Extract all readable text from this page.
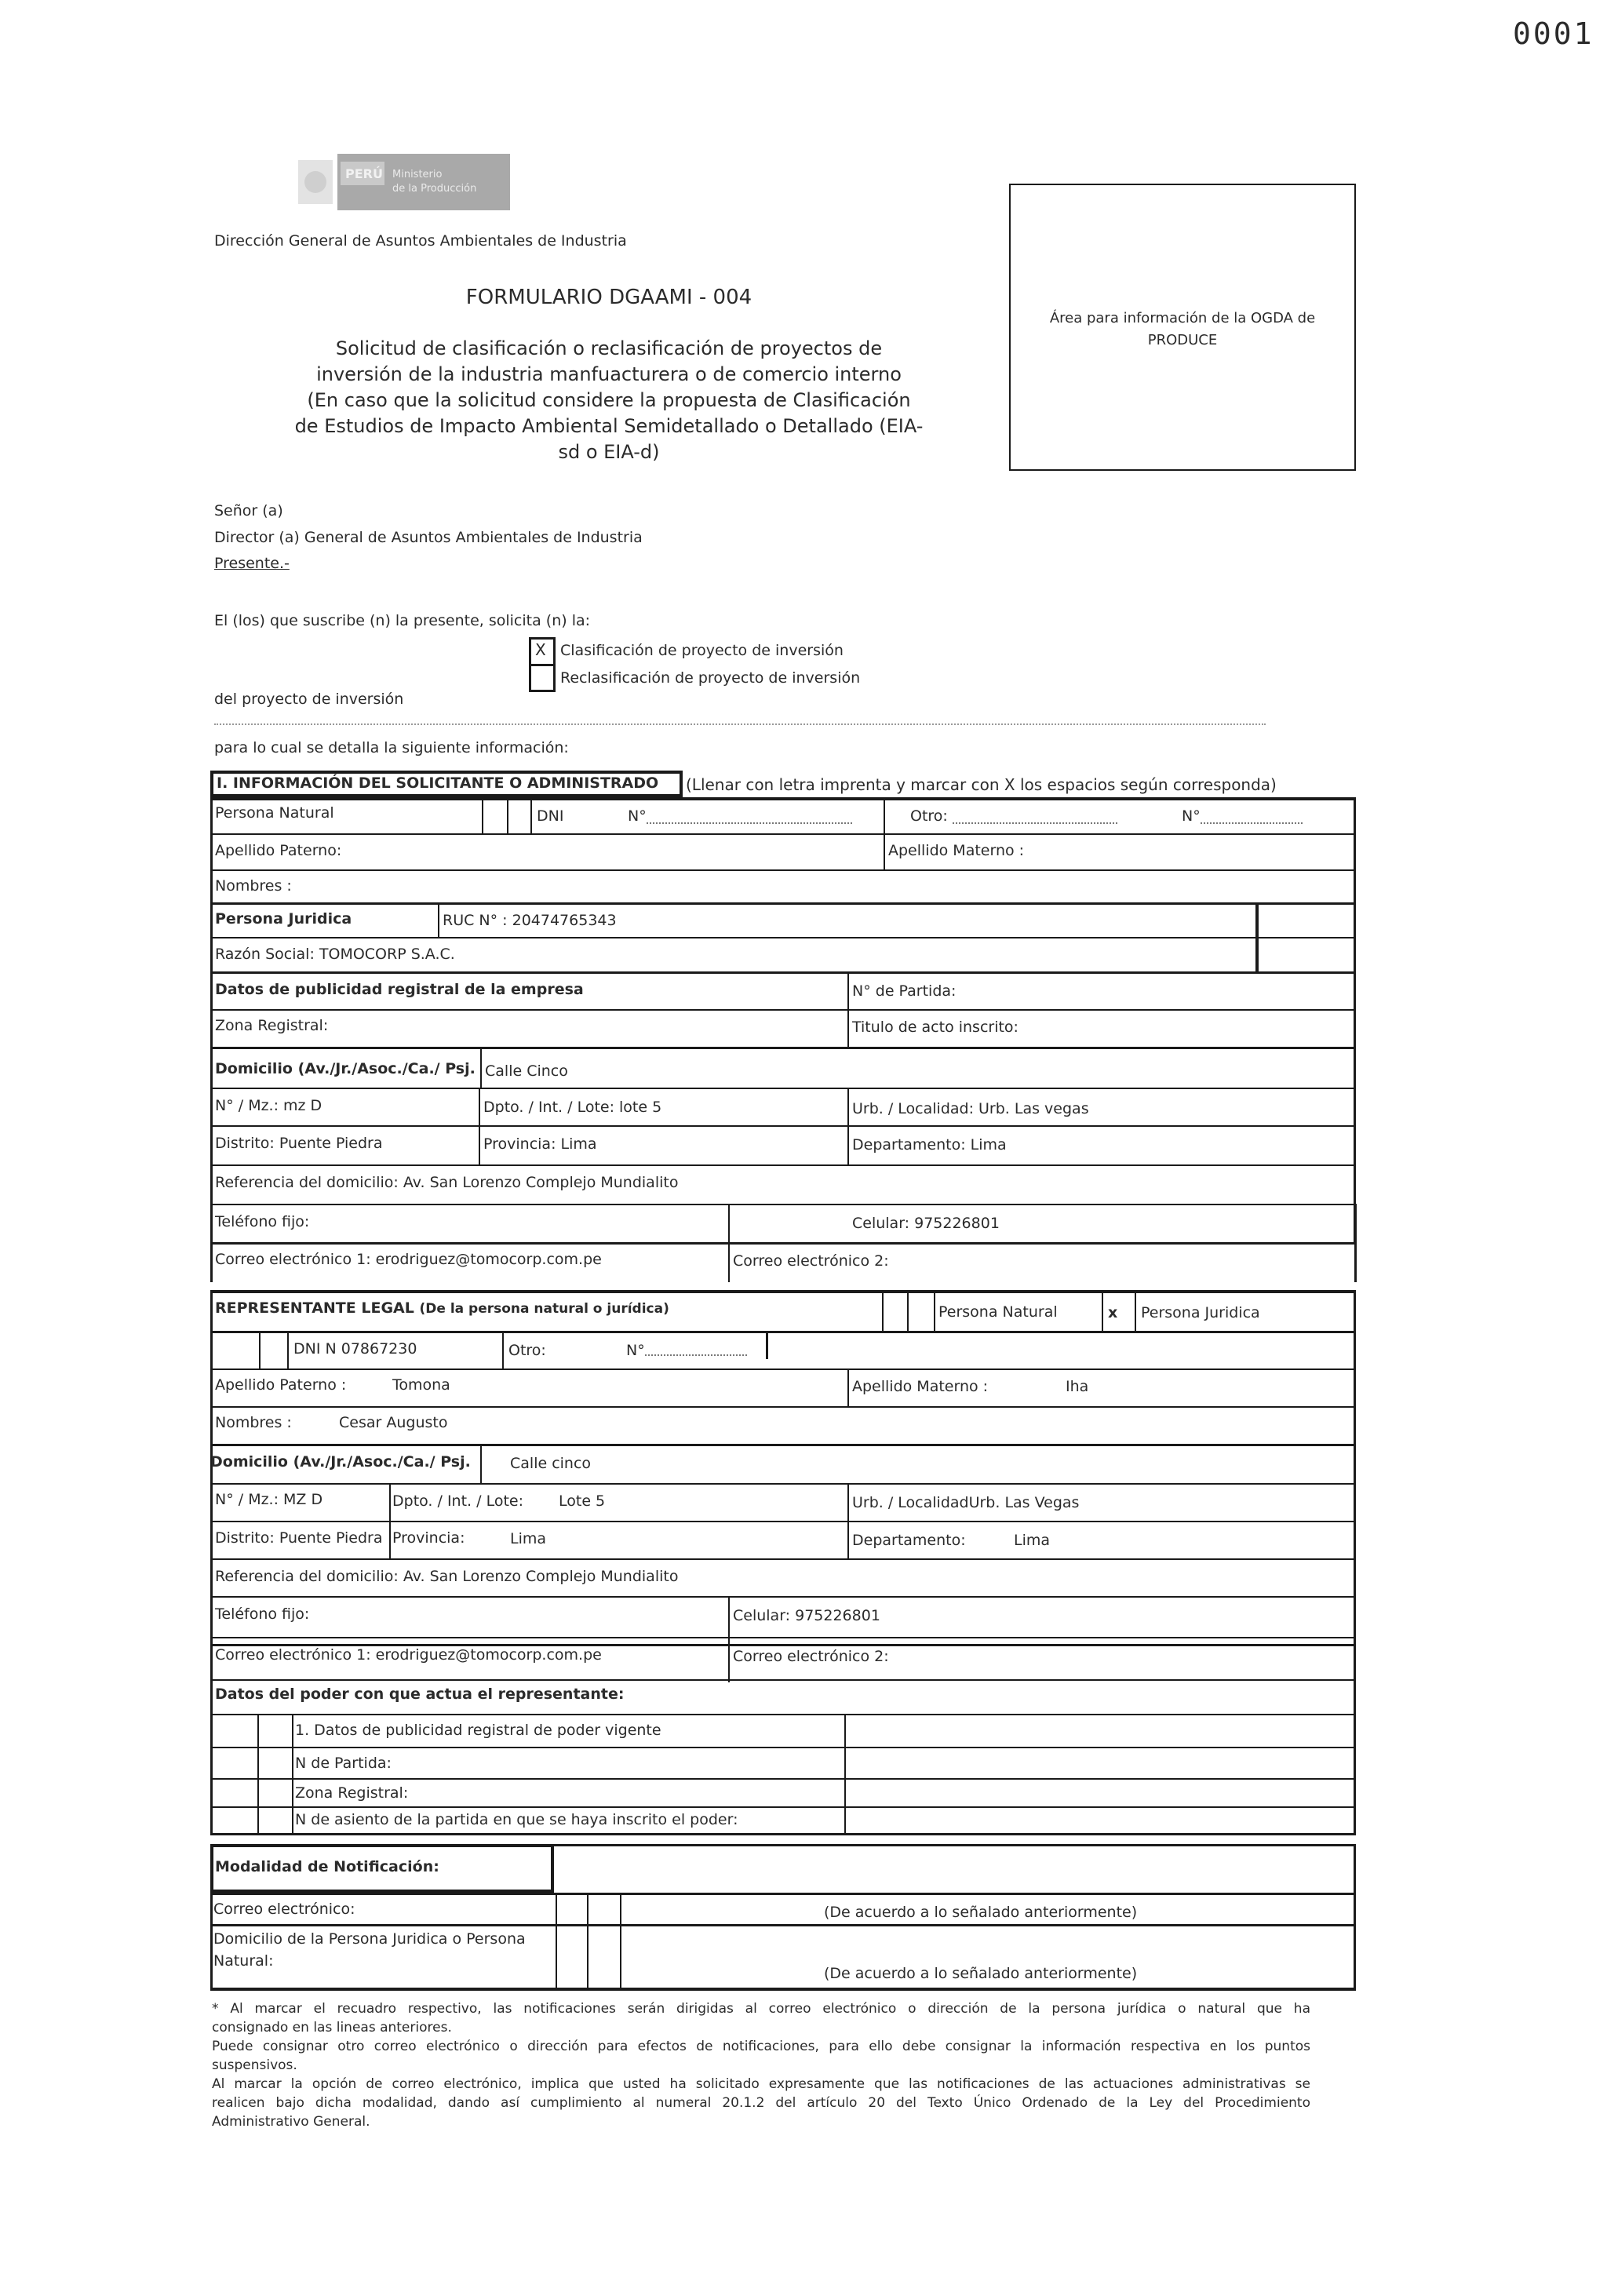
0001
PERÚ Ministerio
de la Producción
Dirección General de Asuntos Ambientales de Industria
FORMULARIO DGAAMI - 004
Solicitud de clasificación o reclasificación de proyectos de
inversión de la industria manfuacturera o de comercio interno
(En caso que la solicitud considere la propuesta de Clasificación
de Estudios de Impacto Ambiental Semidetallado o Detallado (EIA-
sd o EIA-d)
Área para información de la OGDA de
PRODUCE
Señor (a)
Director (a) General de Asuntos Ambientales de Industria
Presente.-
El (los) que suscribe (n) la presente, solicita (n) la:
X Clasificación de proyecto de inversión
Reclasificación de proyecto de inversión
del proyecto de inversión
para lo cual se detalla la siguiente información:
I. INFORMACIÓN DEL SOLICITANTE O ADMINISTRADO (Llenar con letra imprenta y marcar con X los espacios según corresponda)
Persona Natural	DNI	N°	Otro:	N°
Apellido Paterno:	Apellido Materno :
Nombres :
Persona Juridica	RUC N° : 20474765343
Razón Social: TOMOCORP S.A.C.
Datos de publicidad registral de la empresa	N° de Partida:
Zona Registral:	Titulo de acto inscrito:
Domicilio (Av./Jr./Asoc./Ca./ Psj. Calle Cinco
N° / Mz.: mz D	Dpto. / Int. / Lote: lote 5	Urb. / Localidad: Urb. Las vegas
Distrito: Puente Piedra	Provincia: Lima	Departamento: Lima
Referencia del domicilio: Av. San Lorenzo Complejo Mundialito
Teléfono fijo:	Celular: 975226801
Correo electrónico 1: erodriguez@tomocorp.com.pe	Correo electrónico 2:
REPRESENTANTE LEGAL (De la persona natural o jurídica)	Persona Natural	x Persona Juridica
DNI N 07867230	Otro:	N°
Apellido Paterno :	Tomona	Apellido Materno :	Iha
Nombres :	Cesar Augusto
Domicilio (Av./Jr./Asoc./Ca./ Psj.	Calle cinco
N° / Mz.: MZ D	Dpto. / Int. / Lote: Lote 5	Urb. / LocalidadUrb. Las Vegas
Distrito: Puente Piedra Provincia:	Lima	Departamento:	Lima
Referencia del domicilio: Av. San Lorenzo Complejo Mundialito
Teléfono fijo:	Celular: 975226801
Correo electrónico 1: erodriguez@tomocorp.com.pe	Correo electrónico 2:
Datos del poder con que actua el representante:
1. Datos de publicidad registral de poder vigente
N de Partida:
Zona Registral:
N de asiento de la partida en que se haya inscrito el poder:
Modalidad de Notificación:
Correo electrónico:	(De acuerdo a lo señalado anteriormente)
Domicilio de la Persona Juridica o Persona
Natural:
(De acuerdo a lo señalado anteriormente)
* Al marcar el recuadro respectivo, las notificaciones serán dirigidas al correo electrónico o dirección de la persona jurídica o natural que ha
consignado en las lineas anteriores.
Puede consignar otro correo electrónico o dirección para efectos de notificaciones, para ello debe consignar la información respectiva en los puntos
suspensivos.
Al marcar la opción de correo electrónico, implica que usted ha solicitado expresamente que las notificaciones de las actuaciones administrativas se
realicen bajo dicha modalidad, dando así cumplimiento al numeral 20.1.2 del artículo 20 del Texto Único Ordenado de la Ley del Procedimiento
Administrativo General.
